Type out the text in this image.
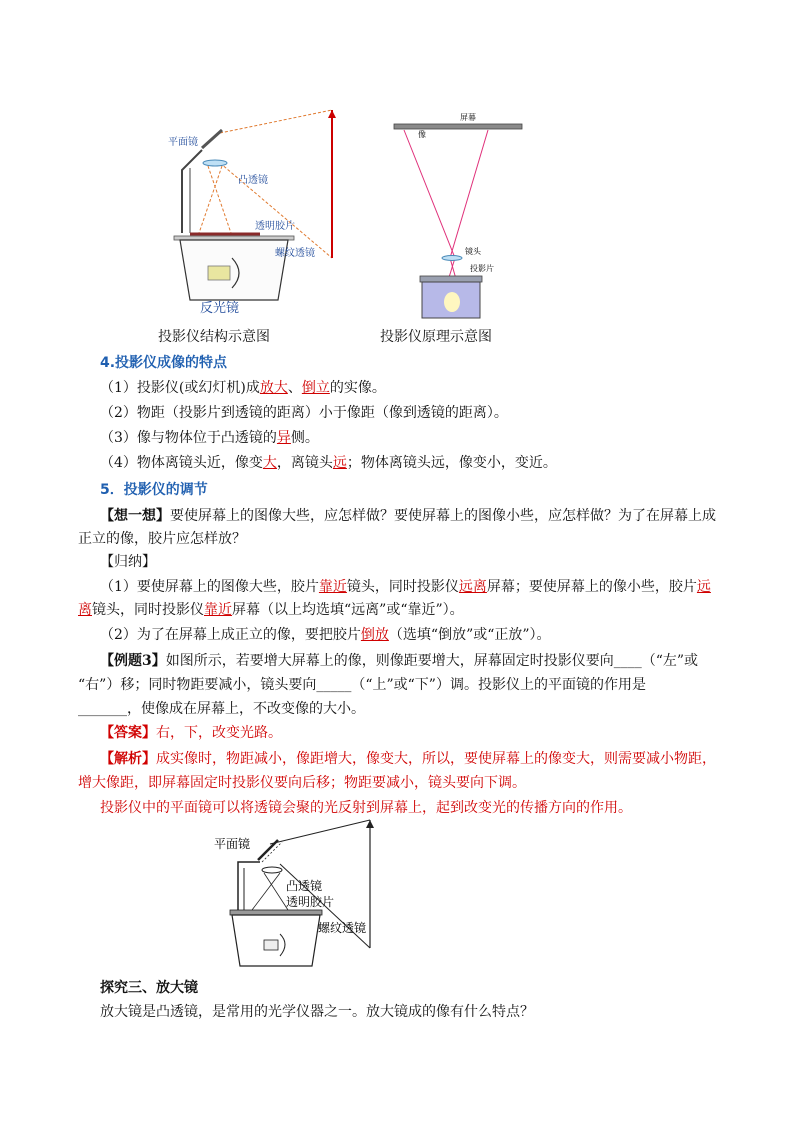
平面镜
凸透镜
透明胶片
螺纹透镜
反光镜
屏幕
像
镜头
投影片
投影仪结构示意图	投影仪原理示意图
4.投影仪成像的特点
（1）投影仪(或幻灯机)成放大、倒立的实像。
（2）物距（投影片到透镜的距离）小于像距（像到透镜的距离）。
（3）像与物体位于凸透镜的异侧。
（4）物体离镜头近，像变大，离镜头远；物体离镜头远，像变小，变近。
5．投影仪的调节
【想一想】要使屏幕上的图像大些，应怎样做？要使屏幕上的图像小些，应怎样做？为了在屏幕上成
正立的像，胶片应怎样放？
【归纳】
（1）要使屏幕上的图像大些，胶片靠近镜头，同时投影仪远离屏幕；要使屏幕上的像小些，胶片远
离镜头，同时投影仪靠近屏幕（以上均选填“远离”或“靠近”）。
（2）为了在屏幕上成正立的像，要把胶片倒放（选填“倒放”或“正放”）。
【例题3】如图所示，若要增大屏幕上的像，则像距要增大，屏幕固定时投影仪要向____（“左”或
“右”）移；同时物距要减小，镜头要向_____（“上”或“下”）调。投影仪上的平面镜的作用是
_______，使像成在屏幕上，不改变像的大小。
【答案】右，下，改变光路。
【解析】成实像时，物距减小，像距增大，像变大，所以，要使屏幕上的像变大，则需要减小物距，
增大像距，即屏幕固定时投影仪要向后移；物距要减小，镜头要向下调。
投影仪中的平面镜可以将透镜会聚的光反射到屏幕上，起到改变光的传播方向的作用。
平面镜
凸透镜
透明胶片
螺纹透镜
探究三、放大镜
放大镜是凸透镜，是常用的光学仪器之一。放大镜成的像有什么特点？
